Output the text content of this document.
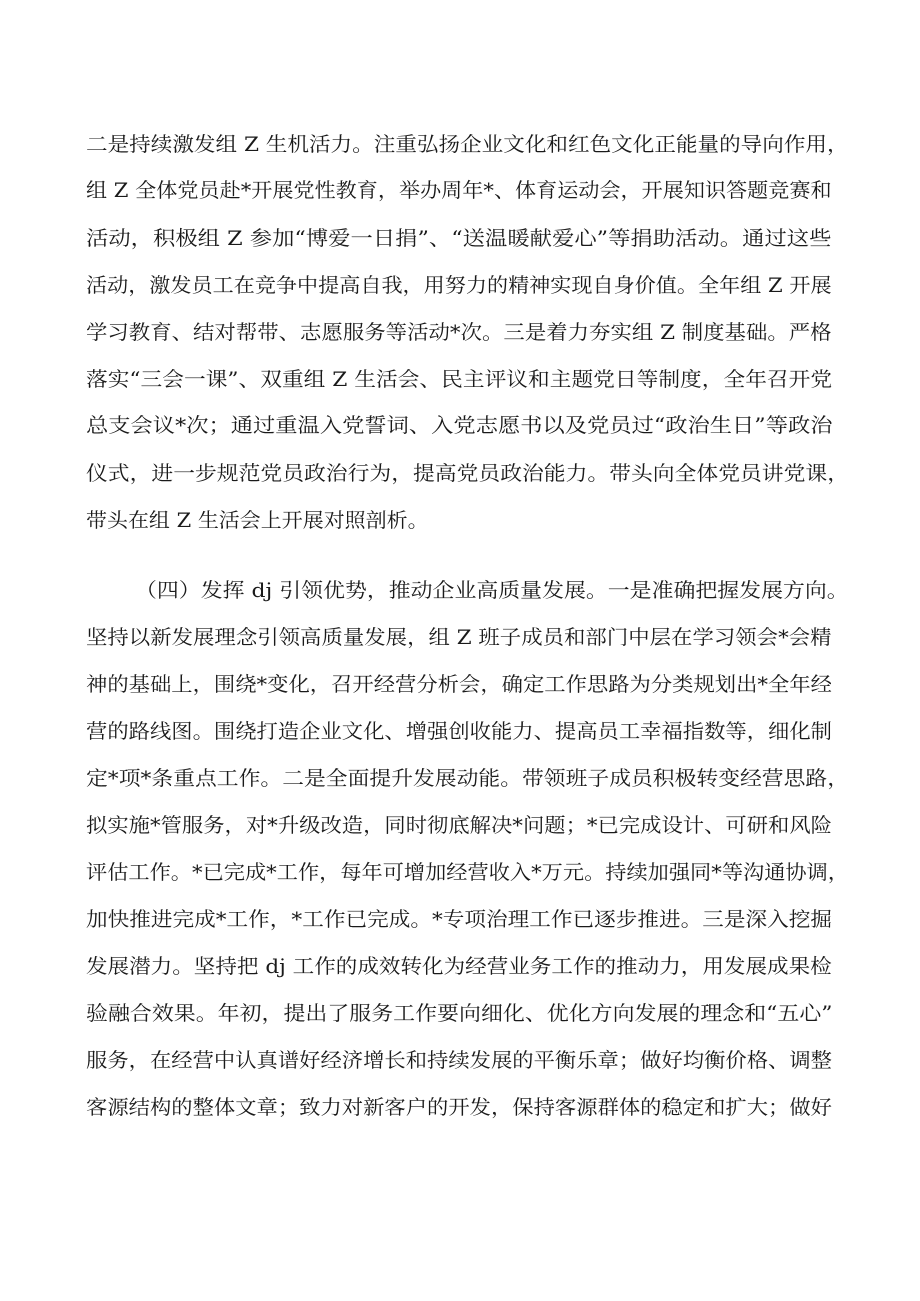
二是持续激发组 Z 生机活力。注重弘扬企业文化和红色文化正能量的导向作用，
组 Z 全体党员赴*开展党性教育，举办周年*、体育运动会，开展知识答题竞赛和
活动，积极组 Z 参加“博爱一日捐”、“送温暖献爱心”等捐助活动。通过这些
活动，激发员工在竞争中提高自我，用努力的精神实现自身价值。全年组 Z 开展
学习教育、结对帮带、志愿服务等活动*次。三是着力夯实组 Z 制度基础。严格
落实“三会一课”、双重组 Z 生活会、民主评议和主题党日等制度，全年召开党
总支会议*次；通过重温入党誓词、入党志愿书以及党员过“政治生日”等政治
仪式，进一步规范党员政治行为，提高党员政治能力。带头向全体党员讲党课，
带头在组 Z 生活会上开展对照剖析。
（四）发挥 dj 引领优势，推动企业高质量发展。一是准确把握发展方向。
坚持以新发展理念引领高质量发展，组 Z 班子成员和部门中层在学习领会*会精
神的基础上，围绕*变化，召开经营分析会，确定工作思路为分类规划出*全年经
营的路线图。围绕打造企业文化、增强创收能力、提高员工幸福指数等，细化制
定*项*条重点工作。二是全面提升发展动能。带领班子成员积极转变经营思路，
拟实施*管服务，对*升级改造，同时彻底解决*问题；*已完成设计、可研和风险
评估工作。*已完成*工作，每年可增加经营收入*万元。持续加强同*等沟通协调，
加快推进完成*工作，*工作已完成。*专项治理工作已逐步推进。三是深入挖掘
发展潜力。坚持把 dj 工作的成效转化为经营业务工作的推动力，用发展成果检
验融合效果。年初，提出了服务工作要向细化、优化方向发展的理念和“五心”
服务，在经营中认真谱好经济增长和持续发展的平衡乐章；做好均衡价格、调整
客源结构的整体文章；致力对新客户的开发，保持客源群体的稳定和扩大；做好
